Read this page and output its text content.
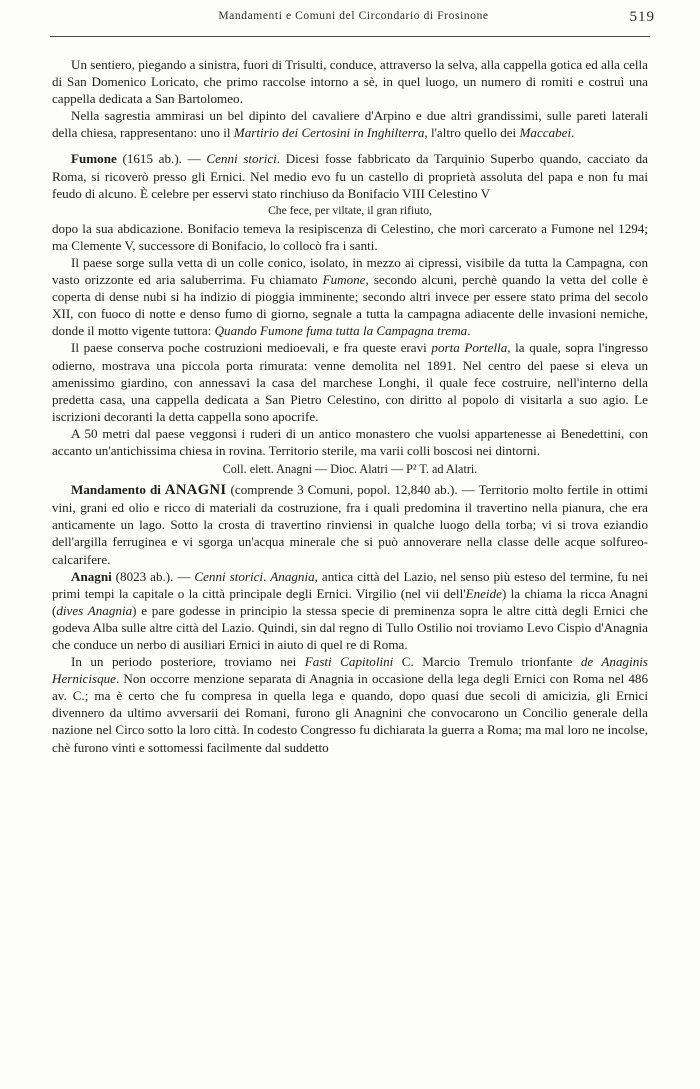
Mandamenti e Comuni del Circondario di Frosinone	519

Un sentiero, piegando a sinistra, fuori di Trisulti, conduce, attraverso la selva, alla cappella gotica ed alla cella di San Domenico Loricato, che primo raccolse intorno a sè, in quel luogo, un numero di romiti e costruì una cappella dedicata a San Bartolomeo.

Nella sagrestia ammirasi un bel dipinto del cavaliere d'Arpino e due altri grandissimi, sulle pareti laterali della chiesa, rappresentano: uno il Martirio dei Certosini in Inghilterra, l'altro quello dei Maccabei.

Fumone (1615 ab.). — Cenni storici. Dicesi fosse fabbricato da Tarquinio Superbo quando, cacciato da Roma, si ricoverò presso gli Ernici. Nel medio evo fu un castello di proprietà assoluta del papa e non fu mai feudo di alcuno. È celebre per esservi stato rinchiuso da Bonifacio VIII Celestino V

Che fece, per viltate, il gran rifiuto,

dopo la sua abdicazione. Bonifacio temeva la resipiscenza di Celestino, che morì carcerato a Fumone nel 1294; ma Clemente V, successore di Bonifacio, lo collocò fra i santi.

Il paese sorge sulla vetta di un colle conico, isolato, in mezzo ai cipressi, visibile da tutta la Campagna, con vasto orizzonte ed aria saluberrima. Fu chiamato Fumone, secondo alcuni, perchè quando la vetta del colle è coperta di dense nubi si ha indizio di pioggia imminente; secondo altri invece per essere stato prima del secolo XII, con fuoco di notte e denso fumo di giorno, segnale a tutta la campagna adiacente delle invasioni nemiche, donde il motto vigente tuttora: Quando Fumone fuma tutta la Campagna trema.

Il paese conserva poche costruzioni medioevali, e fra queste eravi porta Portella, la quale, sopra l'ingresso odierno, mostrava una piccola porta rimurata: venne demolita nel 1891. Nel centro del paese si eleva un amenissimo giardino, con annessavi la casa del marchese Longhi, il quale fece costruire, nell'interno della predetta casa, una cappella dedicata a San Pietro Celestino, con diritto al popolo di visitarla a suo agio. Le iscrizioni decoranti la detta cappella sono apocrife.

A 50 metri dal paese veggonsi i ruderi di un antico monastero che vuolsi appartenesse ai Benedettini, con accanto un'antichissima chiesa in rovina. Territorio sterile, ma varii colli boscosi nei dintorni.

Coll. elett. Anagni — Dioc. Alatri — P² T. ad Alatri.

Mandamento di ANAGNI (comprende 3 Comuni, popol. 12,840 ab.). — Territorio molto fertile in ottimi vini, grani ed olio e ricco di materiali da costruzione, fra i quali predomina il travertino nella pianura, che era anticamente un lago. Sotto la crosta di travertino rinviensi in qualche luogo della torba; vi si trova eziandio dell'argilla ferruginea e vi sgorga un'acqua minerale che si può annoverare nella classe delle acque solfureo-calcarifere.

Anagni (8023 ab.). — Cenni storici. Anagnia, antica città del Lazio, nel senso più esteso del termine, fu nei primi tempi la capitale o la città principale degli Ernici. Virgilio (nel vii dell'Eneide) la chiama la ricca Anagni (dives Anagnia) e pare godesse in principio la stessa specie di preminenza sopra le altre città degli Ernici che godeva Alba sulle altre città del Lazio. Quindi, sin dal regno di Tullo Ostilio noi troviamo Levo Cispio d'Anagnia che conduce un nerbo di ausiliari Ernici in aiuto di quel re di Roma.

In un periodo posteriore, troviamo nei Fasti Capitolini C. Marcio Tremulo trionfante de Anaginis Hernicisque. Non occorre menzione separata di Anagnia in occasione della lega degli Ernici con Roma nel 486 av. C.; ma è certo che fu compresa in quella lega e quando, dopo quasi due secoli di amicizia, gli Ernici divennero da ultimo avversarii dei Romani, furono gli Anagnini che convocarono un Concilio generale della nazione nel Circo sotto la loro città. In codesto Congresso fu dichiarata la guerra a Roma; ma mal loro ne incolse, chè furono vinti e sottomessi facilmente dal suddetto
